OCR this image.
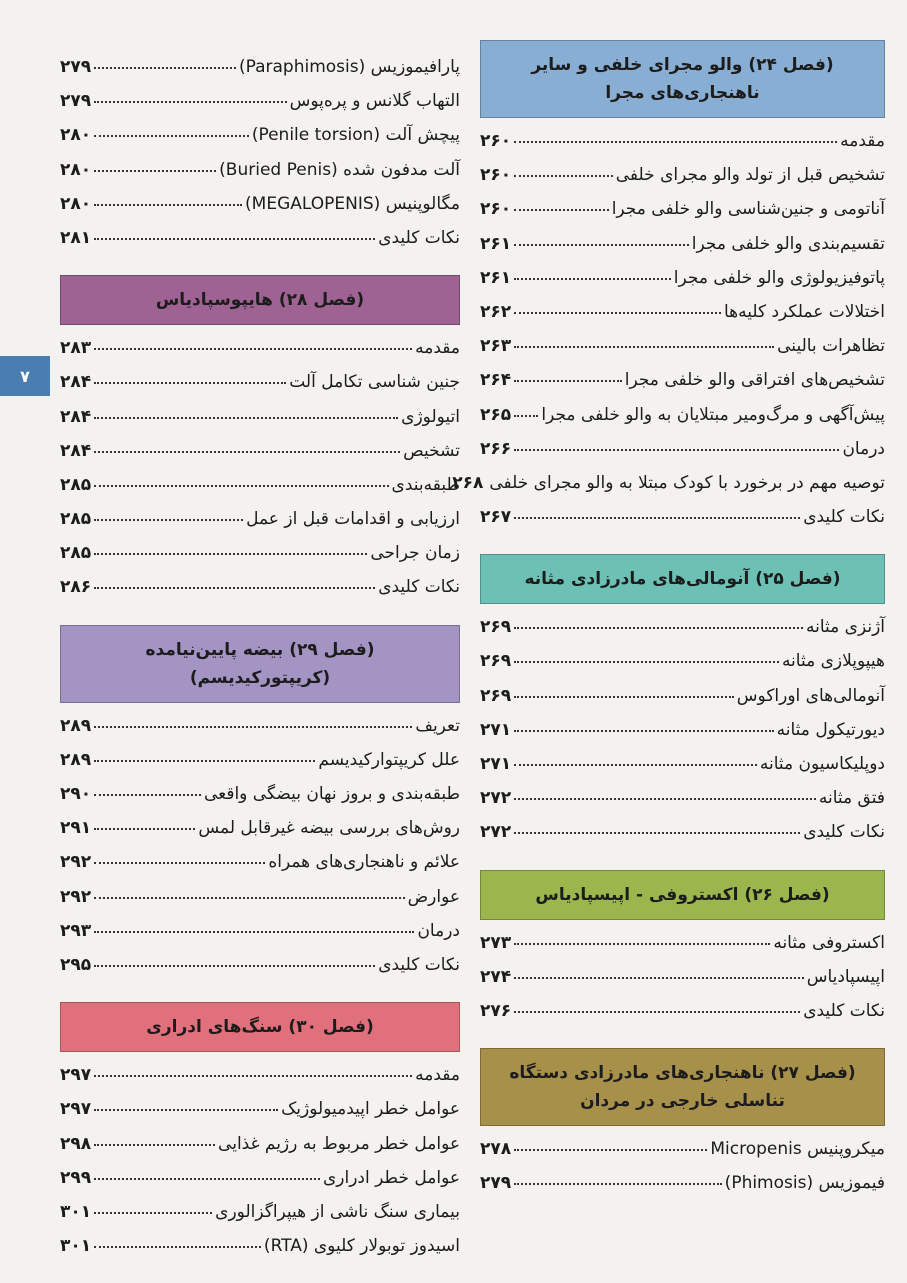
۷
(فصل ۲۴) والو مجرای خلفی و سایر ناهنجاری‌های مجرا
مقدمه
۲۶۰
تشخیص قبل از تولد والو مجرای خلفی
۲۶۰
آناتومی و جنین‌شناسی والو خلفی مجرا
۲۶۰
تقسیم‌بندی والو خلفی مجرا
۲۶۱
پاتوفیزیولوژی والو خلفی مجرا
۲۶۱
اختلالات عملکرد کلیه‌ها
۲۶۲
تظاهرات بالینی
۲۶۳
تشخیص‌های افتراقی والو خلفی مجرا
۲۶۴
پیش‌آگهی و مرگ‌ومیر مبتلایان به والو خلفی مجرا
۲۶۵
درمان
۲۶۶
توصیه مهم در برخورد با کودک مبتلا به والو مجرای خلفی
۲۶۸
نکات کلیدی
۲۶۷
(فصل ۲۵) آنومالی‌های مادرزادی مثانه
آژنزی مثانه
۲۶۹
هیپوپلازی مثانه
۲۶۹
آنومالی‌های اوراکوس
۲۶۹
دیورتیکول مثانه
۲۷۱
دوپلیکاسیون مثانه
۲۷۱
فتق مثانه
۲۷۲
نکات کلیدی
۲۷۲
(فصل ۲۶) اکستروفی - اپیسپادیاس
اکستروفی مثانه
۲۷۳
اپیسپادیاس
۲۷۴
نکات کلیدی
۲۷۶
(فصل ۲۷) ناهنجاری‌های مادرزادی دستگاه تناسلی خارجی در مردان
میکروپنیس Micropenis
۲۷۸
فیموزیس (Phimosis)
۲۷۹
پارافیموزیس (Paraphimosis)
۲۷۹
التهاب گلانس و پره‌پوس
۲۷۹
پیچش آلت (Penile torsion)
۲۸۰
آلت مدفون شده (Buried Penis)
۲۸۰
مگالوپنیس (MEGALOPENIS)
۲۸۰
نکات کلیدی
۲۸۱
(فصل ۲۸) هایپوسپادیاس
مقدمه
۲۸۳
جنین شناسی تکامل آلت
۲۸۴
اتیولوژی
۲۸۴
تشخیص
۲۸۴
طبقه‌بندی
۲۸۵
ارزیابی و اقدامات قبل از عمل
۲۸۵
زمان جراحی
۲۸۵
نکات کلیدی
۲۸۶
(فصل ۲۹) بیضه پایین‌نیامده (کریپتورکیدیسم)
تعریف
۲۸۹
علل کریپتوارکیدیسم
۲۸۹
طبقه‌بندی و بروز نهان بیضگی واقعی
۲۹۰
روش‌های بررسی بیضه غیرقابل لمس
۲۹۱
علائم و ناهنجاری‌های همراه
۲۹۲
عوارض
۲۹۲
درمان
۲۹۳
نکات کلیدی
۲۹۵
(فصل ۳۰) سنگ‌های ادراری
مقدمه
۲۹۷
عوامل خطر اپیدمیولوژیک
۲۹۷
عوامل خطر مربوط به رژیم غذایی
۲۹۸
عوامل خطر ادراری
۲۹۹
بیماری سنگ ناشی از هیپراگزالوری
۳۰۱
اسیدوز توبولار کلیوی (RTA)
۳۰۱
